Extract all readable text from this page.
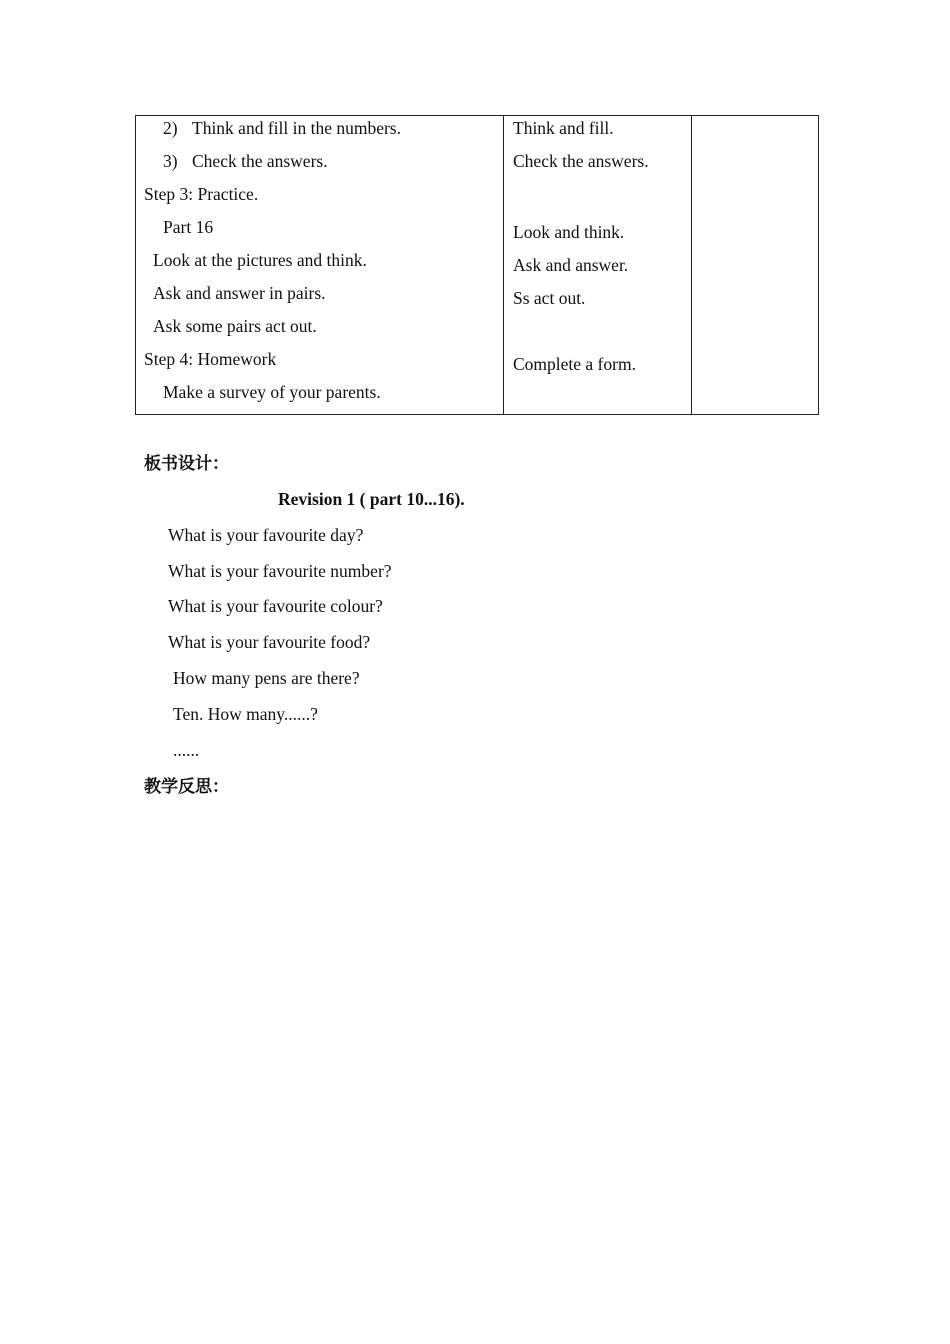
2) Think and fill in the numbers.
3) Check the answers.
Step 3: Practice.
Part 16
Look at the pictures and think.
Ask and answer in pairs.
Ask some pairs act out.
Step 4: Homework
Make a survey of your parents.

Think and fill.
Check the answers.
Look and think.
Ask and answer.
Ss act out.
Complete a form.

板书设计：
Revision 1 ( part 10...16).
What is your favourite day?
What is your favourite number?
What is your favourite colour?
What is your favourite food?
How many pens are there?
Ten. How many......?
......
教学反思：
